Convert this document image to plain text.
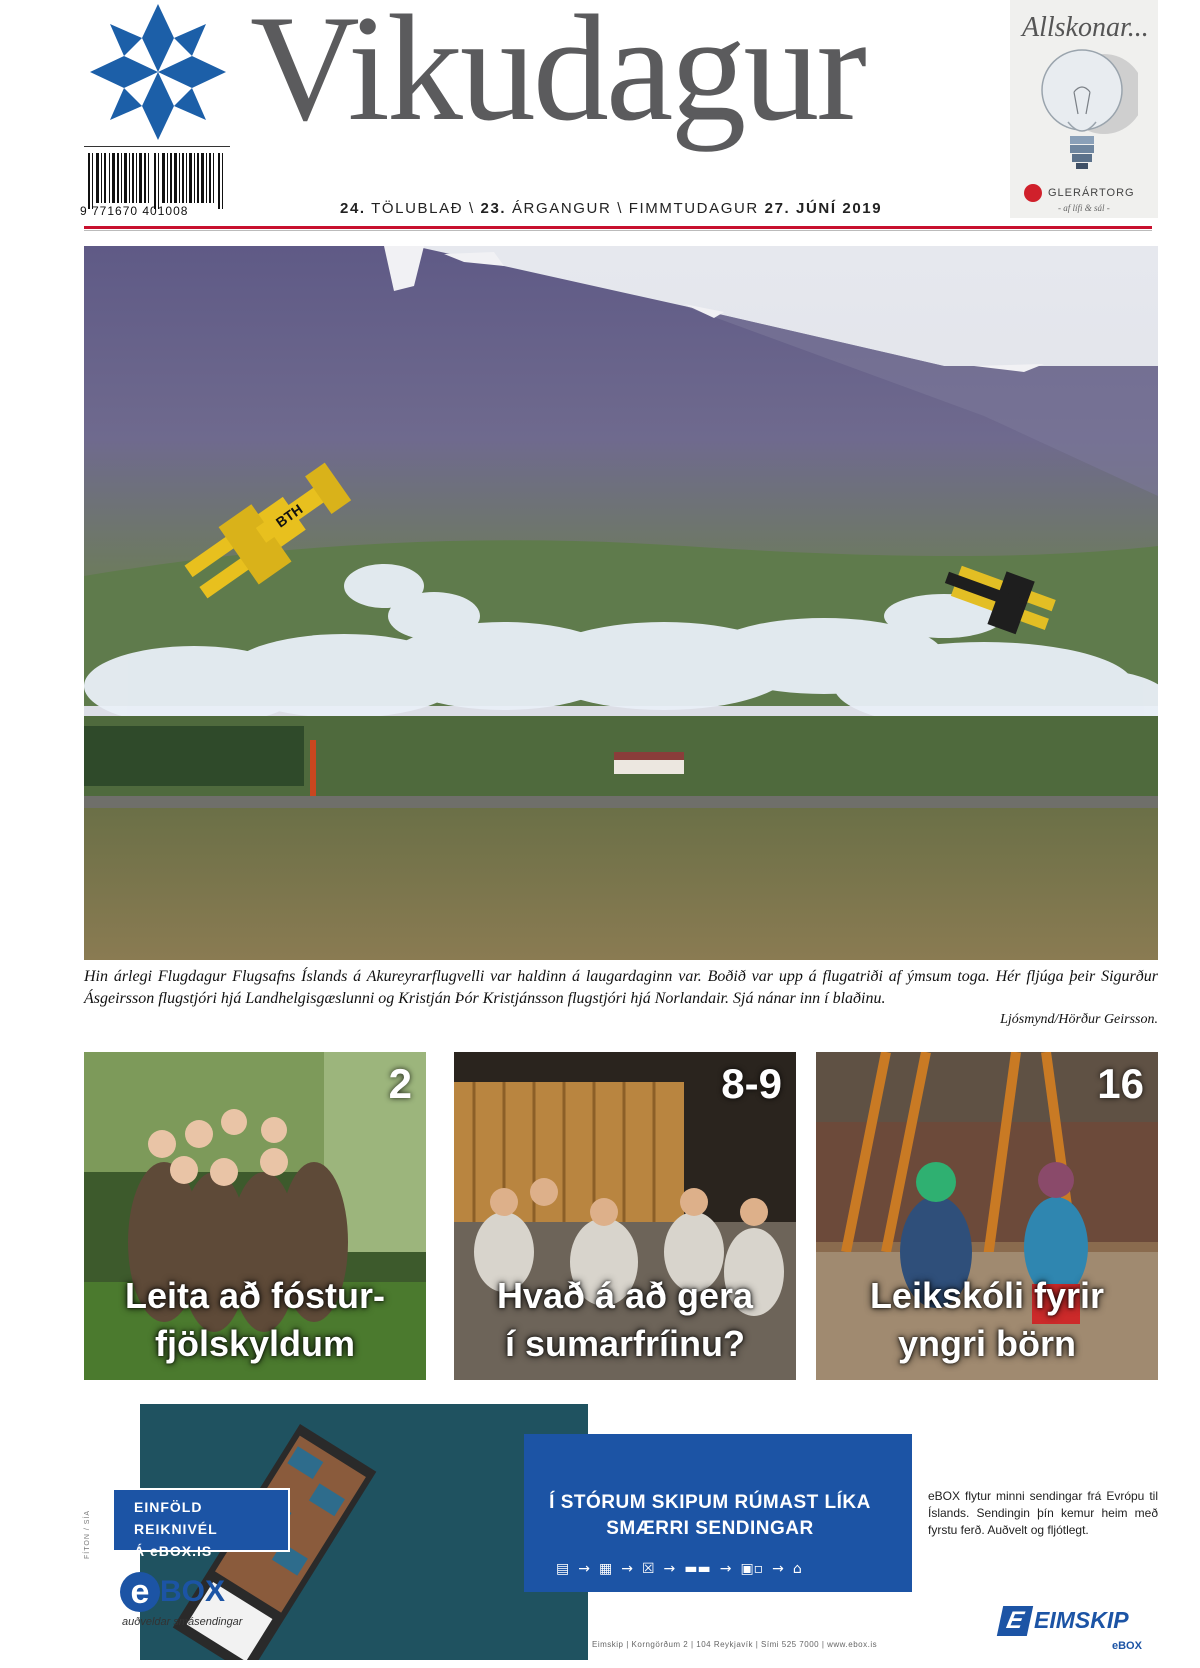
Vikudagur
9 771670 401008	24. TÖLUBLAÐ \ 23. ÁRGANGUR \ FIMMTUDAGUR 27. JÚNÍ 2019
Allskonar...
GLERÁRTORG
- af lífi & sál -
BTH
Hin árlegi Flugdagur Flugsafns Íslands á Akureyrarflugvelli var haldinn á laugardaginn var. Boðið var upp á flugatriði af ýmsum toga. Hér fljúga þeir Sigurður Ásgeirsson flugstjóri hjá Landhelgisgæslunni og Kristján Þór Kristjánsson flugstjóri hjá Norlandair. Sjá nánar inn í blaðinu.
Ljósmynd/Hörður Geirsson.
2
Leita að fóstur-
fjölskyldum
8-9
Hvað á að gera
í sumarfríinu?
16
Leikskóli fyrir
yngri börn
FÍTON / SÍA
EINFÖLD REIKNIVÉL
Á eBOX.IS
e BOX
auðveldar smásendingar
Í STÓRUM SKIPUM RÚMAST LÍKA
SMÆRRI SENDINGAR
▤ → ▦ → ☒ → ▬▬ → ▣▫ → ⌂
eBOX flytur minni sendingar frá Evrópu til Íslands. Sendingin þín kemur heim með fyrstu ferð. Auðvelt og fljótlegt.
Eimskip | Korngörðum 2 | 104 Reykjavík | Sími 525 7000 | www.ebox.is
E EIMSKIP
eBOX
